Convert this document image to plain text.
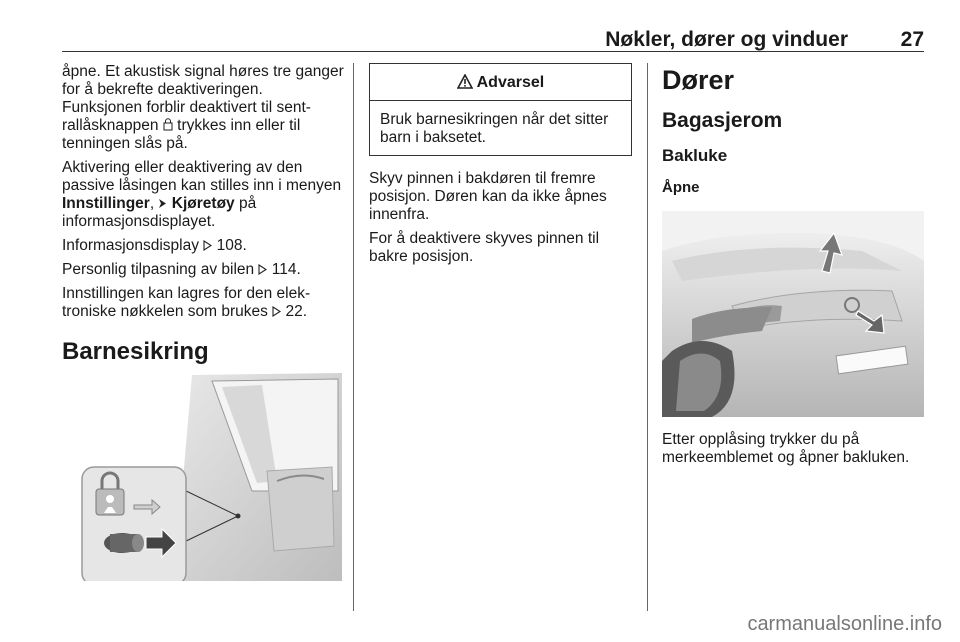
Nøkler, dører og vinduer	27

åpne. Et akustisk signal høres tre ganger for å bekrefte deaktiveringen. Funksjonen forblir deaktivert til sent-rallåsknappen trykkes inn eller til tenningen slås på.

Aktivering eller deaktivering av den passive låsingen kan stilles inn i menyen Innstillinger, Kjøretøy på informasjonsdisplayet.

Informasjonsdisplay 108.

Personlig tilpasning av bilen 114.

Innstillingen kan lagres for den elek-troniske nøkkelen som brukes 22.

Barnesikring
Advarsel
Bruk barnesikringen når det sitter barn i baksetet.

Skyv pinnen i bakdøren til fremre posisjon. Døren kan da ikke åpnes innenfra.

For å deaktivere skyves pinnen til bakre posisjon.

Dører
Bagasjerom
Bakluke
Åpne

Etter opplåsing trykker du på merkeemblemet og åpner bakluken.

carmanualsonline.info
